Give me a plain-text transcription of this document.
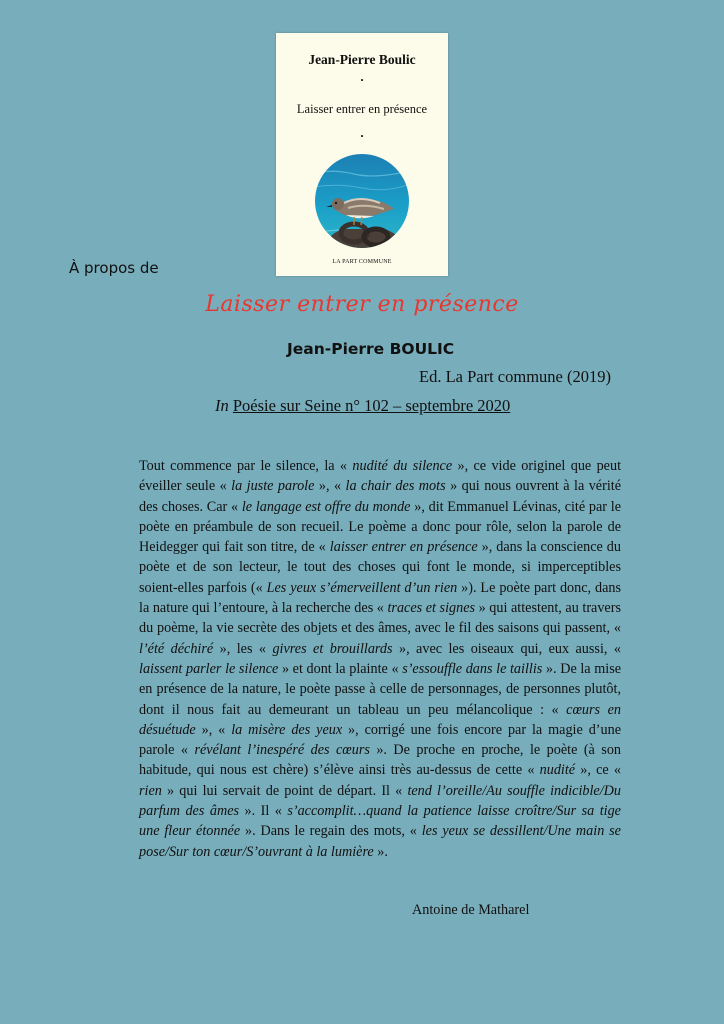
Jean-Pierre Boulic
.
Laisser entrer en présence
.
LA PART COMMUNE
À propos de
Laisser entrer en présence
Jean-Pierre BOULIC
Ed. La Part commune (2019)
In Poésie sur Seine n° 102 – septembre 2020

Tout commence par le silence, la « nudité du silence », ce vide originel que peut éveiller seule « la juste parole », « la chair des mots » qui nous ouvrent à la vérité des choses. Car « le langage est offre du monde », dit Emmanuel Lévinas, cité par le poète en préambule de son recueil. Le poème a donc pour rôle, selon la parole de Heidegger qui fait son titre, de « laisser entrer en présence », dans la conscience du poète et de son lecteur, le tout des choses qui font le monde, si imperceptibles soient-elles parfois (« Les yeux s’émerveillent d’un rien »). Le poète part donc, dans la nature qui l’entoure, à la recherche des « traces et signes » qui attestent, au travers du poème, la vie secrète des objets et des âmes, avec le fil des saisons qui passent, « l’été déchiré », les « givres et brouillards », avec les oiseaux qui, eux aussi, « laissent parler le silence » et dont la plainte « s’essouffle dans le taillis ». De la mise en présence de la nature, le poète passe à celle de personnages, de personnes plutôt, dont il nous fait au demeurant un tableau un peu mélancolique : « cœurs en désuétude », « la misère des yeux », corrigé une fois encore par la magie d’une parole « révélant l’inespéré des cœurs ». De proche en proche, le poète (à son habitude, qui nous est chère) s’élève ainsi très au-dessus de cette « nudité », ce « rien » qui lui servait de point de départ. Il « tend l’oreille/Au souffle indicible/Du parfum des âmes ». Il « s’accomplit…quand la patience laisse croître/Sur sa tige une fleur étonnée ». Dans le regain des mots, « les yeux se dessillent/Une main se pose/Sur ton cœur/S’ouvrant à la lumière ».

Antoine de Matharel
